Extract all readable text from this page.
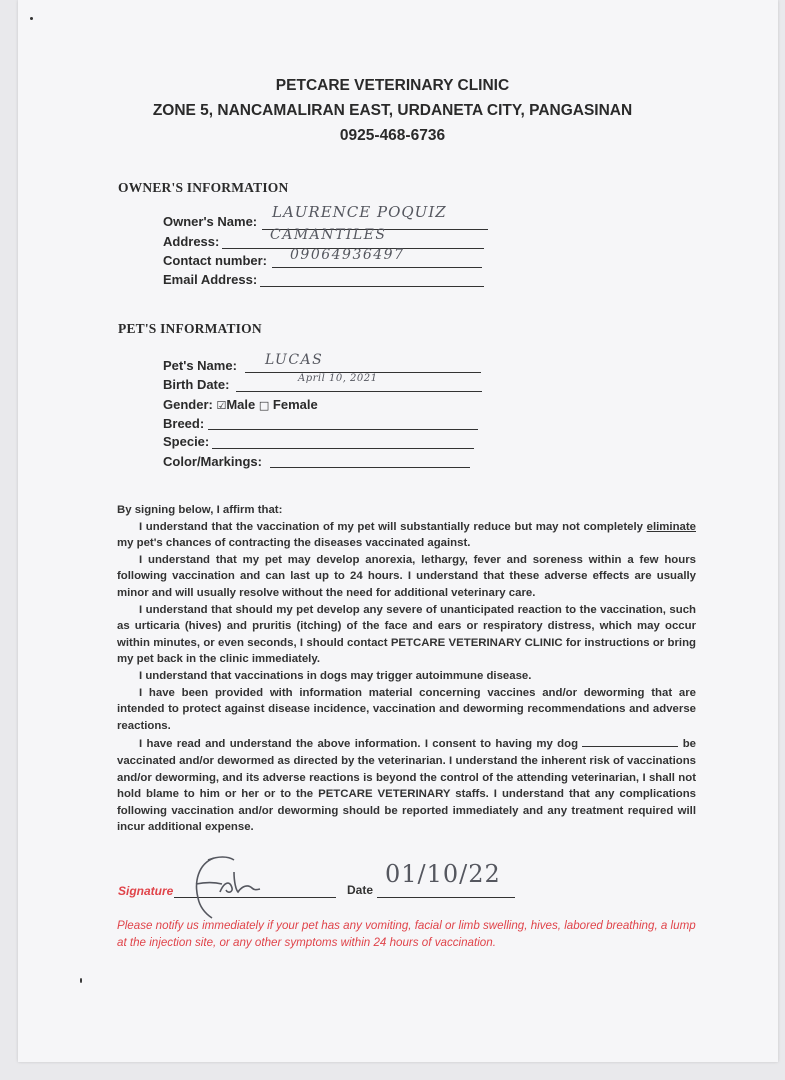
PETCARE VETERINARY CLINIC
ZONE 5, NANCAMALIRAN EAST, URDANETA CITY, PANGASINAN
0925-468-6736
OWNER'S INFORMATION
Owner's Name:
LAURENCE POQUIZ
Address:	CAMANTILES
Contact number: 09064936497
Email Address:
PET'S INFORMATION
Pet's Name: LUCAS
Birth Date:	April 10, 2021
Gender: ☑Male □ Female
Breed:
Specie:
Color/Markings:

By signing below, I affirm that:

I understand that the vaccination of my pet will substantially reduce but may not completely eliminate my pet's chances of contracting the diseases vaccinated against.

I understand that my pet may develop anorexia, lethargy, fever and soreness within a few hours following vaccination and can last up to 24 hours. I understand that these adverse effects are usually minor and will usually resolve without the need for additional veterinary care.

I understand that should my pet develop any severe of unanticipated reaction to the vaccination, such as urticaria (hives) and pruritis (itching) of the face and ears or respiratory distress, which may occur within minutes, or even seconds, I should contact PETCARE VETERINARY CLINIC for instructions or bring my pet back in the clinic immediately.

I understand that vaccinations in dogs may trigger autoimmune disease.

I have been provided with information material concerning vaccines and/or deworming that are intended to protect against disease incidence, vaccination and deworming recommendations and adverse reactions.

I have read and understand the above information. I consent to having my dog	be vaccinated and/or dewormed as directed by the veterinarian. I understand the inherent risk of vaccinations and/or deworming, and its adverse reactions is beyond the control of the attending veterinarian, I shall not hold blame to him or her or to the PETCARE VETERINARY staffs. I understand that any complications following vaccination and/or deworming should be reported immediately and any treatment required will incur additional expense.

Signature	Date
01/10/22
Please notify us immediately if your pet has any vomiting, facial or limb swelling, hives, labored breathing, a lump at the injection site, or any other symptoms within 24 hours of vaccination.
